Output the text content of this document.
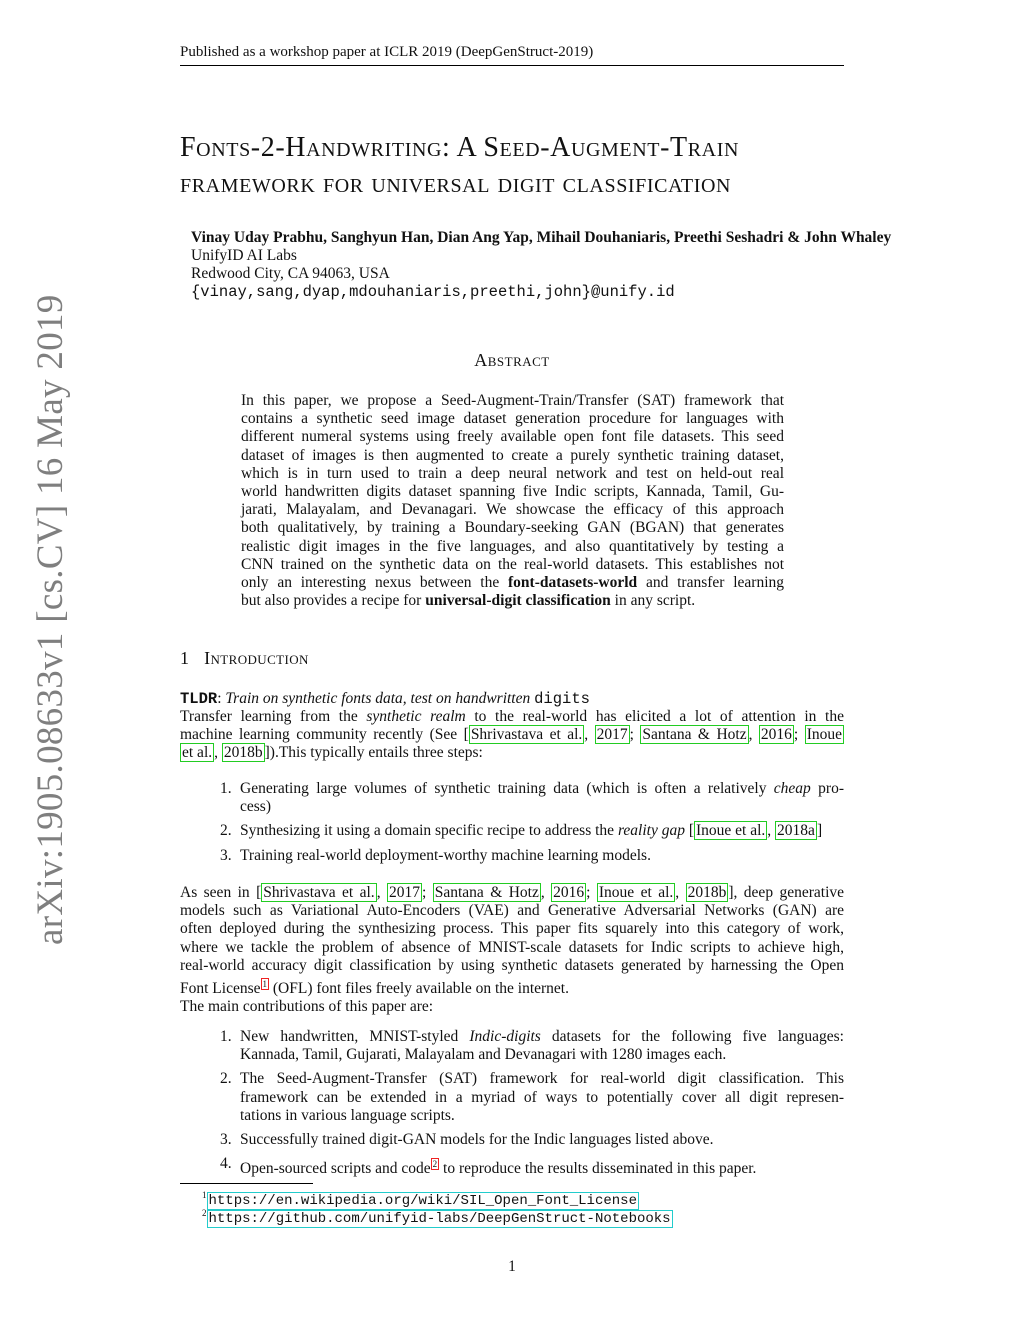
Published as a workshop paper at ICLR 2019 (DeepGenStruct-2019)
Fonts-2-Handwriting: A Seed-Augment-Train
framework for universal digit classification
Vinay Uday Prabhu, Sanghyun Han, Dian Ang Yap, Mihail Douhaniaris, Preethi Seshadri & John Whaley
UnifyID AI Labs
Redwood City, CA 94063, USA
{vinay,sang,dyap,mdouhaniaris,preethi,john}@unify.id
arXiv:1905.08633v1 [cs.CV] 16 May 2019	Abstract
In this paper, we propose a Seed-Augment-Train/Transfer (SAT) framework that
contains a synthetic seed image dataset generation procedure for languages with
different numeral systems using freely available open font file datasets. This seed
dataset of images is then augmented to create a purely synthetic training dataset,
which is in turn used to train a deep neural network and test on held-out real
world handwritten digits dataset spanning five Indic scripts, Kannada, Tamil, Gu-
jarati, Malayalam, and Devanagari. We showcase the efficacy of this approach
both qualitatively, by training a Boundary-seeking GAN (BGAN) that generates
realistic digit images in the five languages, and also quantitatively by testing a
CNN trained on the synthetic data on the real-world datasets. This establishes not
only an interesting nexus between the font-datasets-world and transfer learning
but also provides a recipe for universal-digit classification in any script.
1 Introduction
TLDR: Train on synthetic fonts data, test on handwritten digits
Transfer learning from the synthetic realm to the real-world has elicited a lot of attention in the
machine learning community recently (See [ Shrivastava et al. , 2017 ; Santana & Hotz , 2016 ; Inoue
et al. , 2018b ]).This typically entails three steps:
1. Generating large volumes of synthetic training data (which is often a relatively cheap pro-
cess)
2. Synthesizing it using a domain specific recipe to address the reality gap [ Inoue et al. , 2018a ]
3. Training real-world deployment-worthy machine learning models.
As seen in [ Shrivastava et al. , 2017 ; Santana & Hotz , 2016 ; Inoue et al. , 2018b ], deep generative
models such as Variational Auto-Encoders (VAE) and Generative Adversarial Networks (GAN) are
often deployed during the synthesizing process. This paper fits squarely into this category of work,
where we tackle the problem of absence of MNIST-scale datasets for Indic scripts to achieve high,
real-world accuracy digit classification by using synthetic datasets generated by harnessing the Open
Font License $^1$ (OFL) font files freely available on the internet.
The main contributions of this paper are:
1. New handwritten, MNIST-styled Indic-digits datasets for the following five languages:
Kannada, Tamil, Gujarati, Malayalam and Devanagari with 1280 images each.
2. The Seed-Augment-Transfer (SAT) framework for real-world digit classification. This
framework can be extended in a myriad of ways to potentially cover all digit represen-
tations in various language scripts.
3. Successfully trained digit-GAN models for the Indic languages listed above.
4. Open-sourced scripts and code $^2$ to reproduce the results disseminated in this paper.
$^1$ https://en.wikipedia.org/wiki/SIL_Open_Font_License
$^2$ https://github.com/unifyid-labs/DeepGenStruct-Notebooks
1
